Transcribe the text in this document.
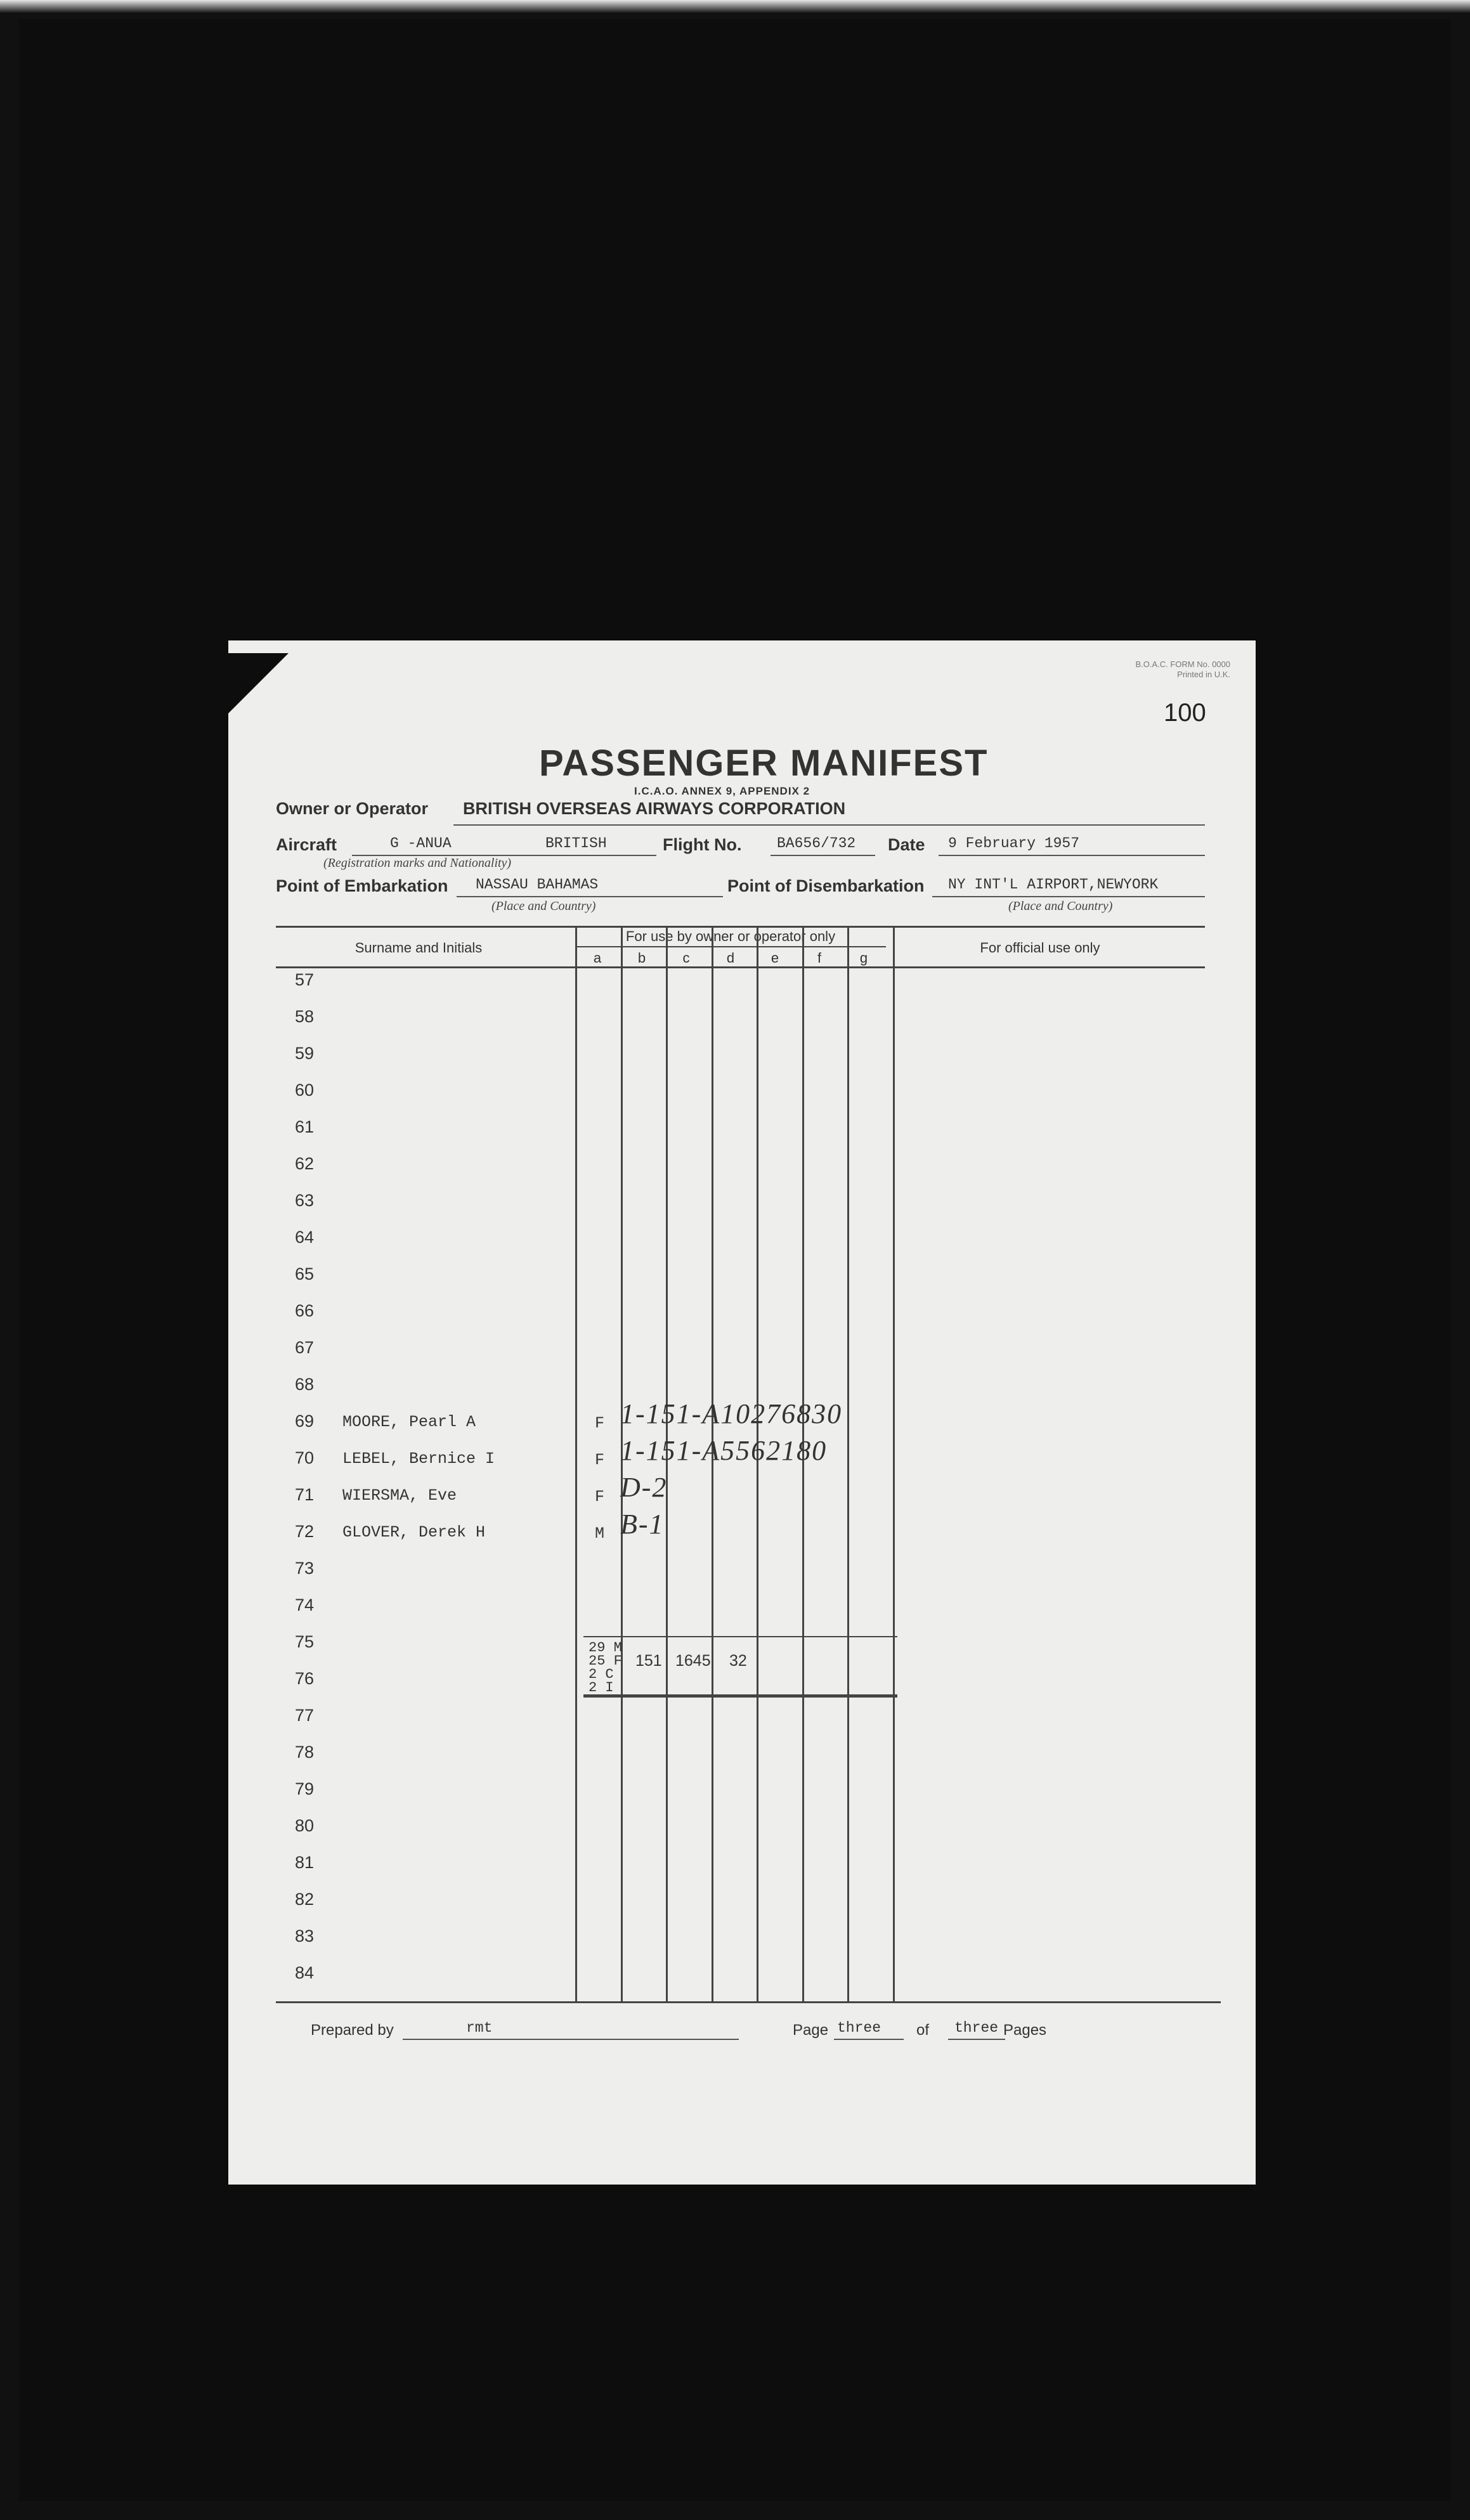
B.O.A.C. FORM No. 0000
Printed in U.K.
100
PASSENGER MANIFEST
I.C.A.O. ANNEX 9, APPENDIX 2
Owner or Operator BRITISH OVERSEAS AIRWAYS CORPORATION
Aircraft	G -ANUA	BRITISH
(Registration marks and Nationality)
Flight No. BA656/732 Date 9 February 1957
Point of Embarkation NASSAU BAHAMAS
(Place and Country)
Point of Disembarkation NY INT'L AIRPORT,NEWYORK
(Place and Country)
Surname and Initials
For use by owner or operator only
For official use only
a	b	c	d	e	f	g
57
58
59
60
61
62
63
64
65
66
67
68
69	MOORE, Pearl A	F 1-151-A10276830
70	LEBEL, Bernice I	F 1-151-A5562180
71	WIERSMA, Eve	F D-2
72	GLOVER, Derek H	M B-1
73
74
75
76
77
78
79
80
81
82
83
84
29 M
25 F
2 C
2 I
151 1645 32
Prepared by	rmt	Page three of three Pages
